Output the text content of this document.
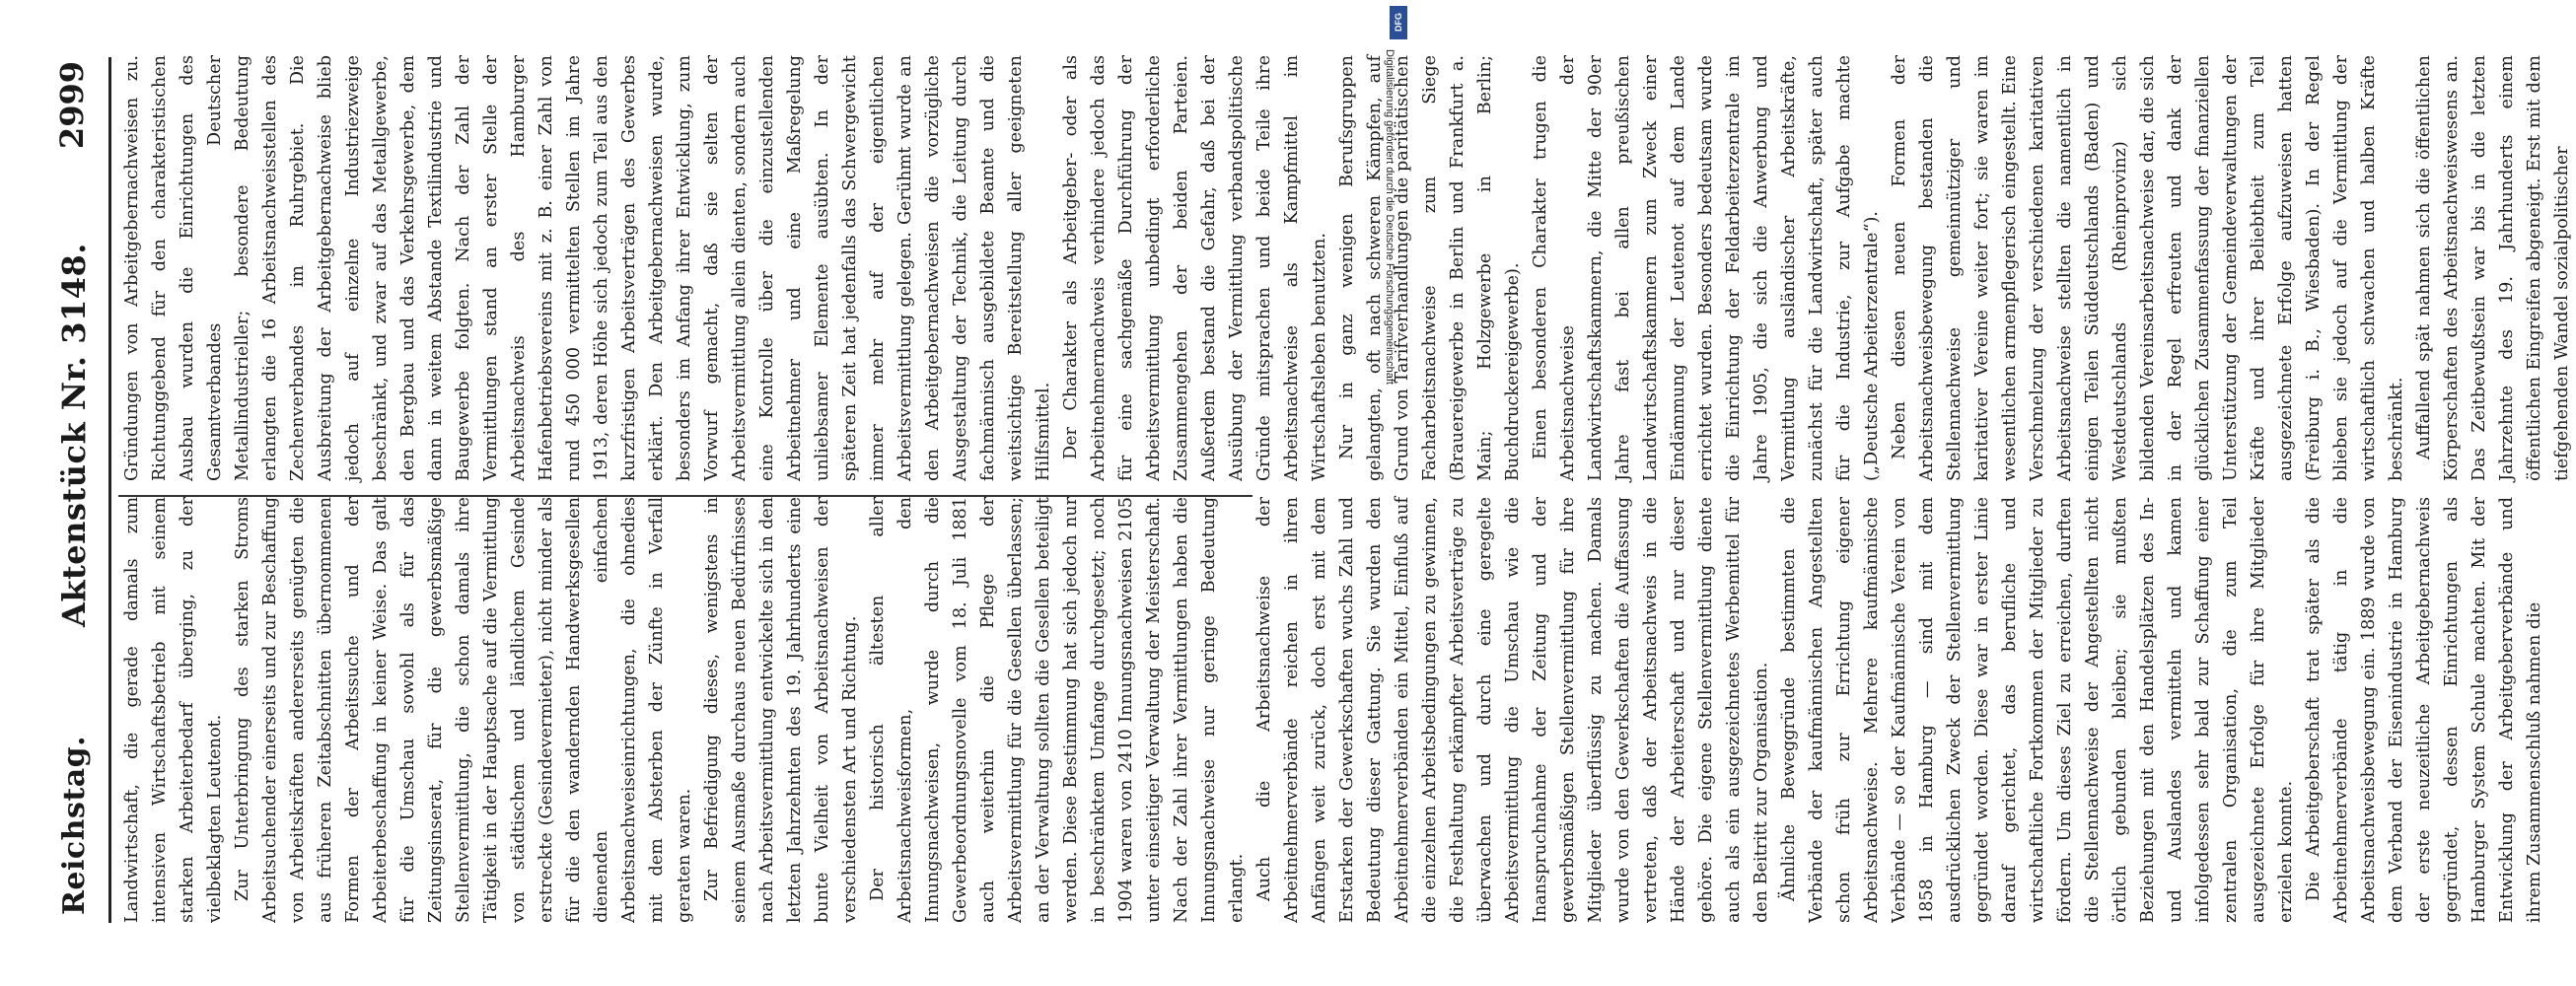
Reichstag.
Aktenstück Nr. 3148.
2999

Landwirtschaft, die gerade damals zum intensiven Wirtschaftsbetrieb mit seinem starken Arbeiterbedarf überging, zu der vielbeklagten Leutenot. Zur Unterbringung des starken Stroms Arbeitsuchender einerseits und zur Beschaffung von Arbeitskräften andererseits genügten die aus früheren Zeitabschnitten übernommenen Formen der Arbeitssuche und der Arbeiterbeschaffung in keiner Weise. Das galt für die Umschau sowohl als für das Zeitungsinserat, für die gewerbsmäßige Stellenvermittlung, die schon damals ihre Tätigkeit in der Hauptsache auf die Vermittlung von städtischem und ländlichem Gesinde erstreckte (Gesindevermieter), nicht minder als für die den wandernden Handwerksgesellen dienenden einfachen Arbeitsnachweiseinrichtungen, die ohnedies mit dem Absterben der Zünfte in Verfall geraten waren. Zur Befriedigung dieses, wenigstens in seinem Ausmaße durchaus neuen Bedürfnisses nach Arbeitsvermittlung entwickelte sich in den letzten Jahrzehnten des 19. Jahrhunderts eine bunte Vielheit von Arbeitsnachweisen der verschiedensten Art und Richtung. Der historisch ältesten aller Arbeitsnachweisformen, den Innungsnachweisen, wurde durch die Gewerbeordnungsnovelle vom 18. Juli 1881 auch weiterhin die Pflege der Arbeitsvermittlung für die Gesellen überlassen; an der Verwaltung sollten die Gesellen beteiligt werden. Diese Bestimmung hat sich jedoch nur in beschränktem Umfange durchgesetzt; noch 1904 waren von 2410 Innungsnachweisen 2105 unter einseitiger Verwaltung der Meisterschaft. Nach der Zahl ihrer Vermittlungen haben die Innungsnachweise nur geringe Bedeutung erlangt. Auch die Arbeitsnachweise der Arbeitnehmerverbände reichen in ihren Anfängen weit zurück, doch erst mit dem Erstarken der Gewerkschaften wuchs Zahl und Bedeutung dieser Gattung. Sie wurden den Arbeitnehmerverbänden ein Mittel, Einfluß auf die einzelnen Arbeitsbedingungen zu gewinnen, die Festhaltung erkämpfter Arbeitsverträge zu überwachen und durch eine geregelte Arbeitsvermittlung die Umschau wie die Inanspruchnahme der Zeitung und der gewerbsmäßigen Stellenvermittlung für ihre Mitglieder überflüssig zu machen. Damals wurde von den Gewerkschaften die Auffassung vertreten, daß der Arbeitsnachweis in die Hände der Arbeiterschaft und nur dieser gehöre. Die eigene Stellenvermittlung diente auch als ein ausgezeichnetes Werbemittel für den Beitritt zur Organisation. Ähnliche Beweggründe bestimmten die Verbände der kaufmännischen Angestellten schon früh zur Errichtung eigener Arbeitsnachweise. Mehrere kaufmännische Verbände — so der Kaufmännische Verein von 1858 in Hamburg — sind mit dem ausdrücklichen Zweck der Stellenvermittlung gegründet worden. Diese war in erster Linie darauf gerichtet, das berufliche und wirtschaftliche Fortkommen der Mitglieder zu fördern. Um dieses Ziel zu erreichen, durften die Stellennachweise der Angestellten nicht örtlich gebunden bleiben; sie mußten Beziehungen mit den Handelsplätzen des In- und Auslandes vermitteln und kamen infolgedessen sehr bald zur Schaffung einer zentralen Organisation, die zum Teil ausgezeichnete Erfolge für ihre Mitglieder erzielen konnte. Die Arbeitgeberschaft trat später als die Arbeitnehmerverbände tätig in die Arbeitsnachweisbewegung ein. 1889 wurde von dem Verband der Eisenindustrie in Hamburg der erste neuzeitliche Arbeitgebernachweis gegründet, dessen Einrichtungen als Hamburger System Schule machten. Mit der Entwicklung der Arbeitgeberverbände und ihrem Zusammenschluß nahmen die

Gründungen von Arbeitgebernachweisen zu. Richtunggebend für den charakteristischen Ausbau wurden die Einrichtungen des Gesamtverbandes Deutscher Metallindustrieller; besondere Bedeutung erlangten die 16 Arbeitsnachweisstellen des Zechenverbandes im Ruhrgebiet. Die Ausbreitung der Arbeitgebernachweise blieb jedoch auf einzelne Industriezweige beschränkt, und zwar auf das Metallgewerbe, den Bergbau und das Verkehrsgewerbe, dem dann in weitem Abstande Textilindustrie und Baugewerbe folgten. Nach der Zahl der Vermittlungen stand an erster Stelle der Arbeitsnachweis des Hamburger Hafenbetriebsvereins mit z. B. einer Zahl von rund 450 000 vermittelten Stellen im Jahre 1913, deren Höhe sich jedoch zum Teil aus den kurzfristigen Arbeitsverträgen des Gewerbes erklärt. Den Arbeitgebernachweisen wurde, besonders im Anfang ihrer Entwicklung, zum Vorwurf gemacht, daß sie selten der Arbeitsvermittlung allein dienten, sondern auch eine Kontrolle über die einzustellenden Arbeitnehmer und eine Maßregelung unliebsamer Elemente ausübten. In der späteren Zeit hat jedenfalls das Schwergewicht immer mehr auf der eigentlichen Arbeitsvermittlung gelegen. Gerühmt wurde an den Arbeitgebernachweisen die vorzügliche Ausgestaltung der Technik, die Leitung durch fachmännisch ausgebildete Beamte und die weitsichtige Bereitstellung aller geeigneten Hilfsmittel. Der Charakter als Arbeitgeber- oder als Arbeitnehmernachweis verhindere jedoch das für eine sachgemäße Durchführung der Arbeitsvermittlung unbedingt erforderliche Zusammengehen der beiden Parteien. Außerdem bestand die Gefahr, daß bei der Ausübung der Vermittlung verbandspolitische Gründe mitsprachen und beide Teile ihre Arbeitsnachweise als Kampfmittel im Wirtschaftsleben benutzten. Nur in ganz wenigen Berufsgruppen gelangten, oft nach schweren Kämpfen, auf Grund von Tarifverhandlungen die paritätischen Facharbeitsnachweise zum Siege (Brauereigewerbe in Berlin und Frankfurt a. Main; Holzgewerbe in Berlin; Buchdruckereigewerbe). Einen besonderen Charakter trugen die Arbeitsnachweise der Landwirtschaftskammern, die Mitte der 90er Jahre fast bei allen preußischen Landwirtschaftskammern zum Zweck einer Eindämmung der Leutenot auf dem Lande errichtet wurden. Besonders bedeutsam wurde die Einrichtung der Feldarbeiterzentrale im Jahre 1905, die sich die Anwerbung und Vermittlung ausländischer Arbeitskräfte, zunächst für die Landwirtschaft, später auch für die Industrie, zur Aufgabe machte („Deutsche Arbeiterzentrale“). Neben diesen neuen Formen der Arbeitsnachweisbewegung bestanden die Stellennachweise gemeinnütziger und karitativer Vereine weiter fort; sie waren im wesentlichen armenpflegerisch eingestellt. Eine Verschmelzung der verschiedenen karitativen Arbeitsnachweise stellten die namentlich in einigen Teilen Süddeutschlands (Baden) und Westdeutschlands (Rheinprovinz) sich bildenden Vereinsarbeitsnachweise dar, die sich in der Regel erfreuten und dank der glücklichen Zusammenfassung der finanziellen Unterstützung der Gemeindeverwaltungen der Kräfte und ihrer Beliebtheit zum Teil ausgezeichnete Erfolge aufzuweisen hatten (Freiburg i. B., Wiesbaden). In der Regel blieben sie jedoch auf die Vermittlung der wirtschaftlich schwachen und halben Kräfte beschränkt. Auffallend spät nahmen sich die öffentlichen Körperschaften des Arbeitsnachweiswesens an. Das Zeitbewußtsein war bis in die letzten Jahrzehnte des 19. Jahrhunderts einem öffentlichen Eingreifen abgeneigt. Erst mit dem tiefgehenden Wandel sozialpolitischer

DFG
Digitalisierung gefördert durch die Deutsche Forschungsgemeinschaft
